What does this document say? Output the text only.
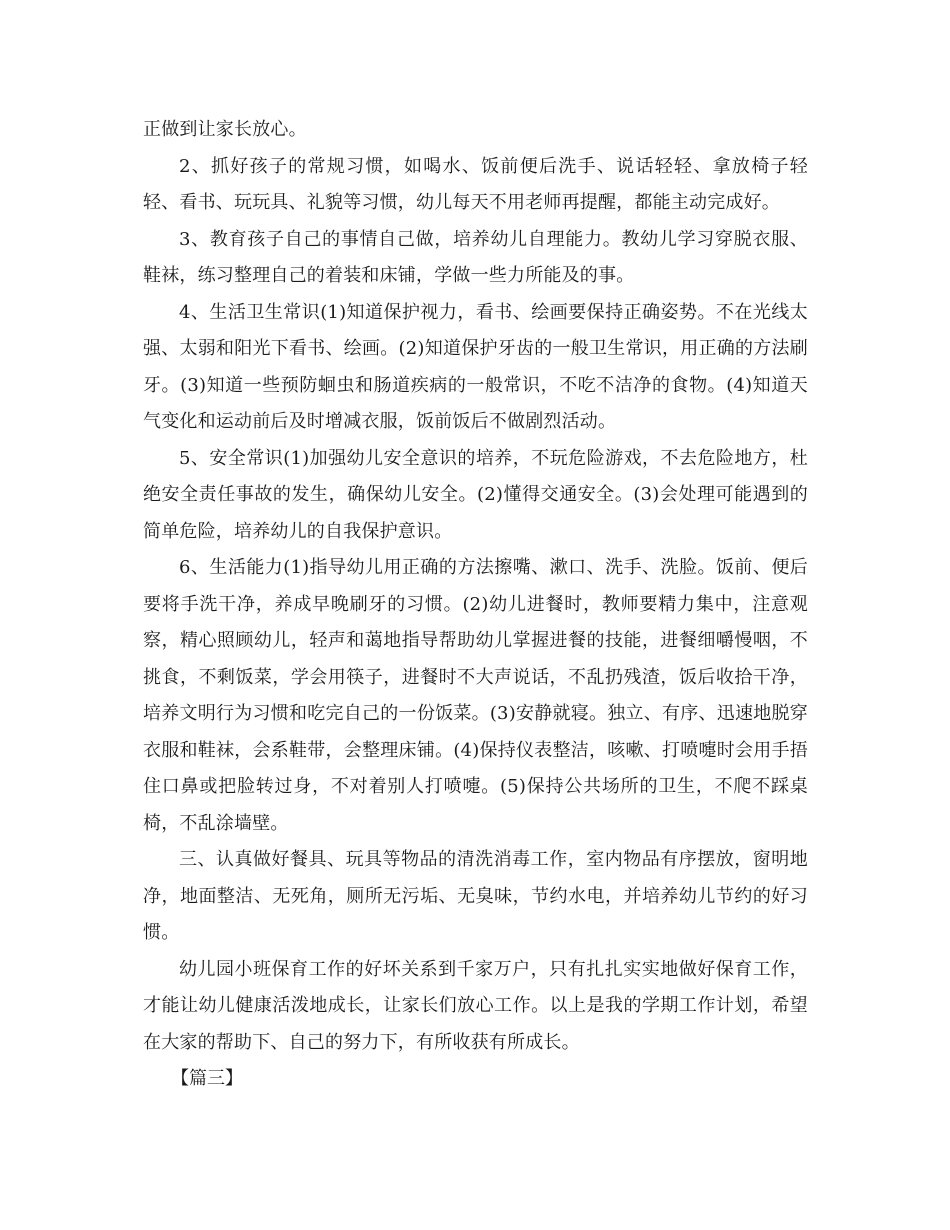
正做到让家长放心。

2、抓好孩子的常规习惯，如喝水、饭前便后洗手、说话轻轻、拿放椅子轻轻、看书、玩玩具、礼貌等习惯，幼儿每天不用老师再提醒，都能主动完成好。

3、教育孩子自己的事情自己做，培养幼儿自理能力。教幼儿学习穿脱衣服、鞋袜，练习整理自己的着装和床铺，学做一些力所能及的事。

4、生活卫生常识(1)知道保护视力，看书、绘画要保持正确姿势。不在光线太强、太弱和阳光下看书、绘画。(2)知道保护牙齿的一般卫生常识，用正确的方法刷牙。(3)知道一些预防蛔虫和肠道疾病的一般常识，不吃不洁净的食物。(4)知道天气变化和运动前后及时增减衣服，饭前饭后不做剧烈活动。

5、安全常识(1)加强幼儿安全意识的培养，不玩危险游戏，不去危险地方，杜绝安全责任事故的发生，确保幼儿安全。(2)懂得交通安全。(3)会处理可能遇到的简单危险，培养幼儿的自我保护意识。

6、生活能力(1)指导幼儿用正确的方法擦嘴、漱口、洗手、洗脸。饭前、便后要将手洗干净，养成早晚刷牙的习惯。(2)幼儿进餐时，教师要精力集中，注意观察，精心照顾幼儿，轻声和蔼地指导帮助幼儿掌握进餐的技能，进餐细嚼慢咽，不挑食，不剩饭菜，学会用筷子，进餐时不大声说话，不乱扔残渣，饭后收拾干净，培养文明行为习惯和吃完自己的一份饭菜。(3)安静就寝。独立、有序、迅速地脱穿衣服和鞋袜，会系鞋带，会整理床铺。(4)保持仪表整洁，咳嗽、打喷嚏时会用手捂住口鼻或把脸转过身，不对着别人打喷嚏。(5)保持公共场所的卫生，不爬不踩桌椅，不乱涂墙壁。

三、认真做好餐具、玩具等物品的清洗消毒工作，室内物品有序摆放，窗明地净，地面整洁、无死角，厕所无污垢、无臭味，节约水电，并培养幼儿节约的好习惯。

幼儿园小班保育工作的好坏关系到千家万户，只有扎扎实实地做好保育工作，才能让幼儿健康活泼地成长，让家长们放心工作。以上是我的学期工作计划，希望在大家的帮助下、自己的努力下，有所收获有所成长。

【篇三】
